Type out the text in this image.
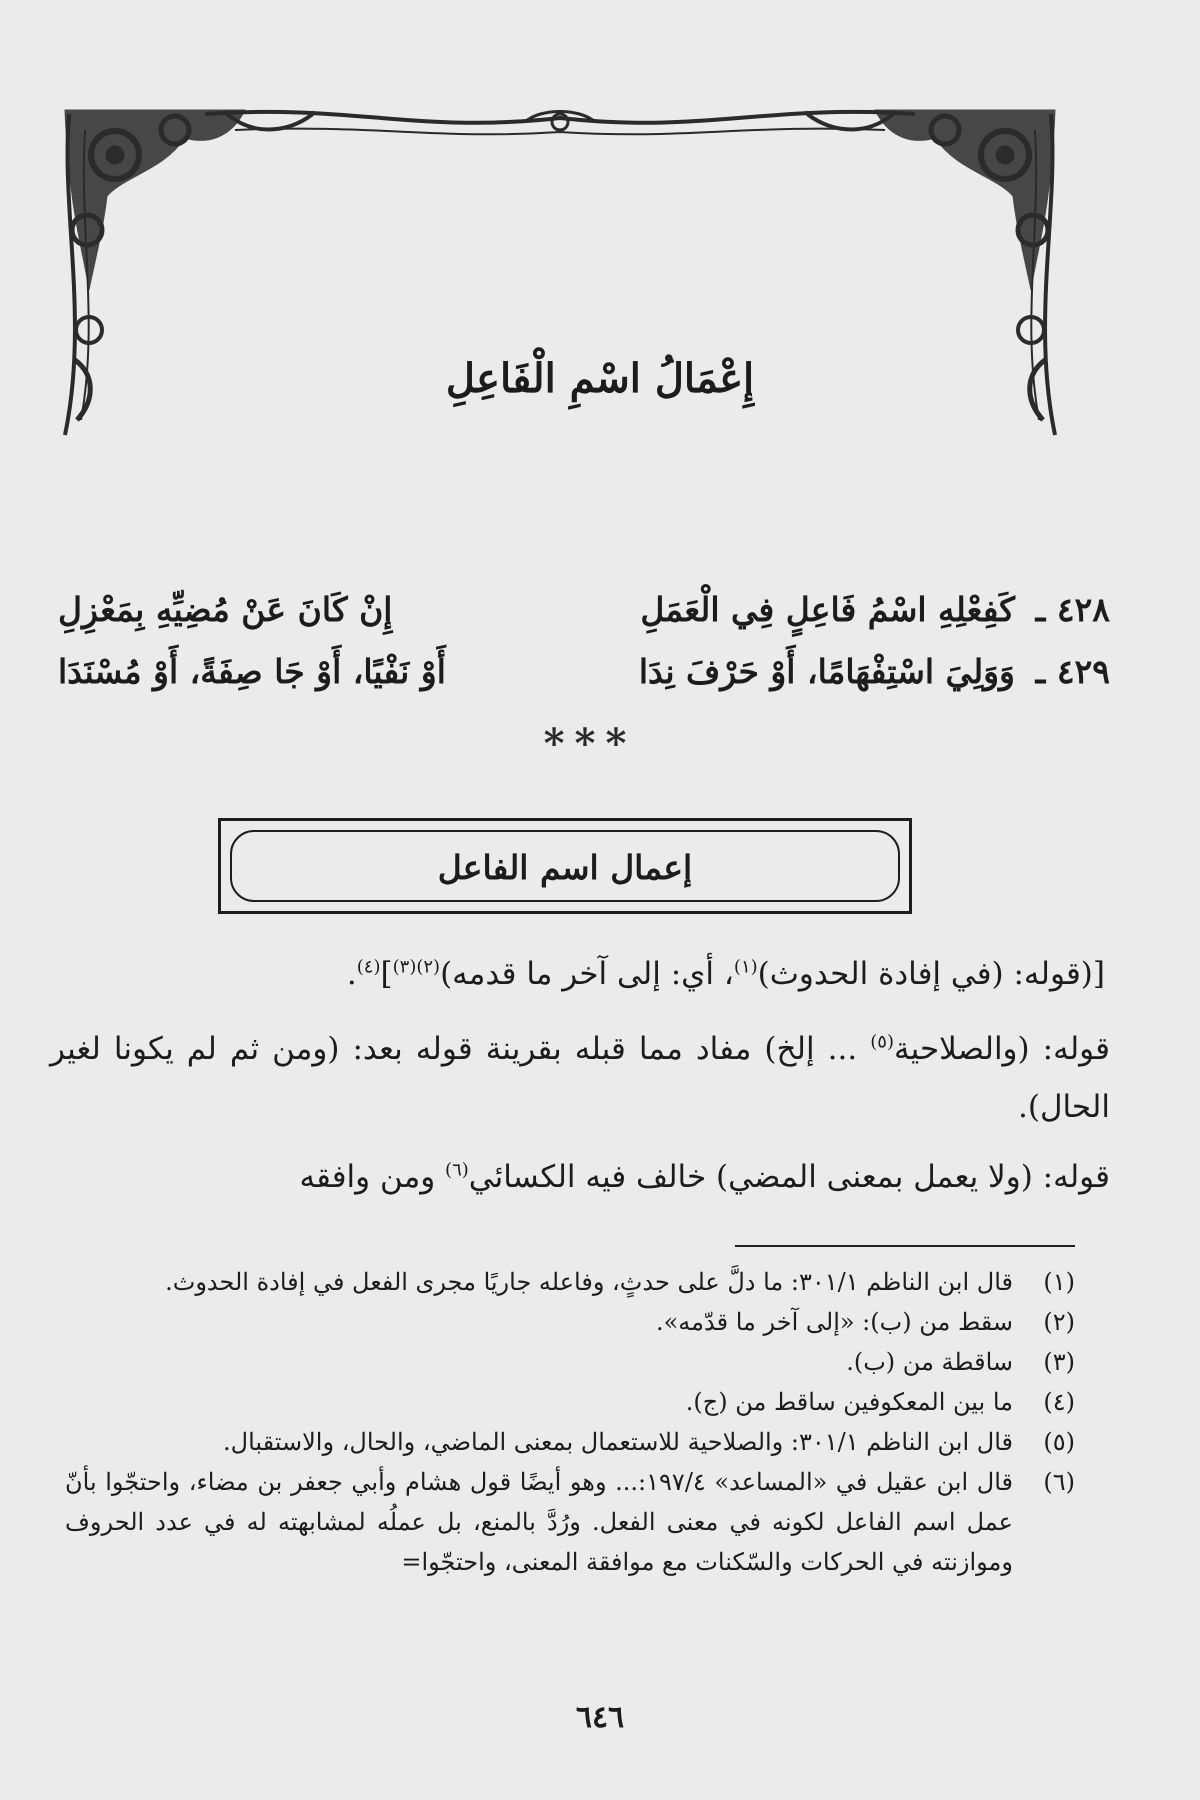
إِعْمَالُ اسْمِ الْفَاعِلِ
٤٢٨ ـ
كَفِعْلِهِ اسْمُ فَاعِلٍ فِي الْعَمَلِ
إِنْ كَانَ عَنْ مُضِيِّهِ بِمَعْزِلِ
٤٢٩ ـ
وَوَلِيَ اسْتِفْهَامًا، أَوْ حَرْفَ نِدَا
أَوْ نَفْيًا، أَوْ جَا صِفَةً، أَوْ مُسْنَدَا
***
إعمال اسم الفاعل
[(قوله: (في إفادة الحدوث)$^{(١)}$، أي: إلى آخر ما قدمه)$^{(٢)(٣)}$]$^{(٤)}$.
قوله: (والصلاحية$^{(٥)}$ ... إلخ) مفاد مما قبله بقرينة قوله بعد: (ومن ثم لم يكونا لغير الحال).
قوله: (ولا يعمل بمعنى المضي) خالف فيه الكسائي$^{(٦)}$ ومن وافقه
(١)
قال ابن الناظم ٣٠١/١: ما دلَّ على حدثٍ، وفاعله جاريًا مجرى الفعل في إفادة الحدوث.
(٢)
سقط من (ب): «إلى آخر ما قدّمه».
(٣)
ساقطة من (ب).
(٤)
ما بين المعكوفين ساقط من (ج).
(٥)
قال ابن الناظم ٣٠١/١: والصلاحية للاستعمال بمعنى الماضي، والحال، والاستقبال.
(٦)
قال ابن عقيل في «المساعد» ١٩٧/٤:... وهو أيضًا قول هشام وأبي جعفر بن مضاء، واحتجّوا بأنّ عمل اسم الفاعل لكونه في معنى الفعل. ورُدَّ بالمنع، بل عملُه لمشابهته له في عدد الحروف وموازنته في الحركات والسّكنات مع موافقة المعنى، واحتجّوا=
٦٤٦
